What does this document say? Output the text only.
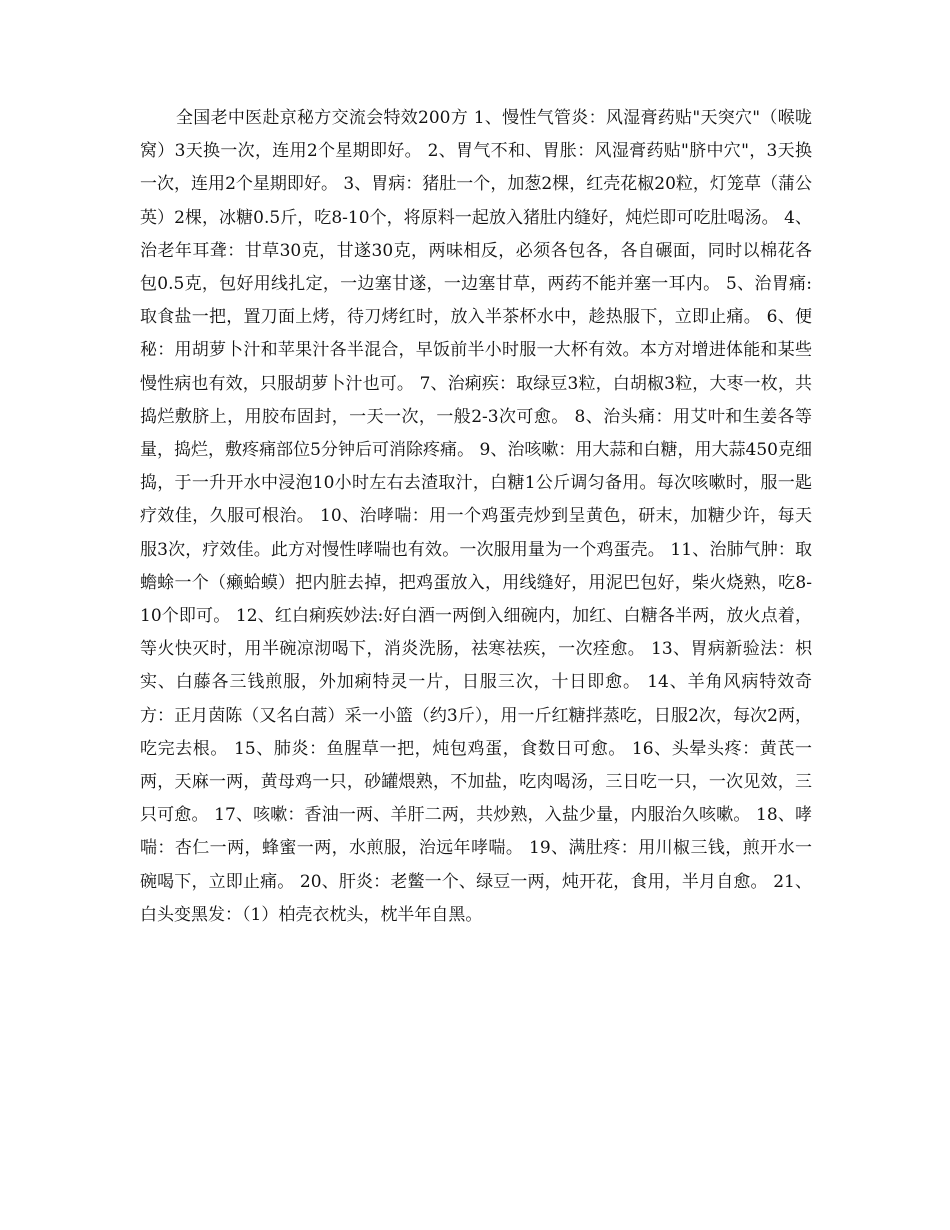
全国老中医赴京秘方交流会特效200方 1、慢性气管炎：风湿膏药贴"天突穴"（喉咙窝）3天换一次，连用2个星期即好。 2、胃气不和、胃胀：风湿膏药贴"脐中穴"，3天换一次，连用2个星期即好。 3、胃病：猪肚一个，加葱2棵，红壳花椒20粒，灯笼草（蒲公英）2棵，冰糖0.5斤，吃8-10个，将原料一起放入猪肚内缝好，炖烂即可吃肚喝汤。 4、治老年耳聋：甘草30克，甘遂30克，两味相反，必须各包各，各自碾面，同时以棉花各包0.5克，包好用线扎定，一边塞甘遂，一边塞甘草，两药不能并塞一耳内。 5、治胃痛:取食盐一把，置刀面上烤，待刀烤红时，放入半茶杯水中，趁热服下，立即止痛。 6、便秘：用胡萝卜汁和苹果汁各半混合，早饭前半小时服一大杯有效。本方对增进体能和某些慢性病也有效，只服胡萝卜汁也可。 7、治痢疾：取绿豆3粒，白胡椒3粒，大枣一枚，共捣烂敷脐上，用胶布固封，一天一次，一般2-3次可愈。 8、治头痛：用艾叶和生姜各等量，捣烂，敷疼痛部位5分钟后可消除疼痛。 9、治咳嗽：用大蒜和白糖，用大蒜450克细捣，于一升开水中浸泡10小时左右去渣取汁，白糖1公斤调匀备用。每次咳嗽时，服一匙疗效佳，久服可根治。 10、治哮喘：用一个鸡蛋壳炒到呈黄色，研末，加糖少许，每天服3次，疗效佳。此方对慢性哮喘也有效。一次服用量为一个鸡蛋壳。 11、治肺气肿：取蟾蜍一个（癞蛤蟆）把内脏去掉，把鸡蛋放入，用线缝好，用泥巴包好，柴火烧熟，吃8-10个即可。 12、红白痢疾妙法:好白酒一两倒入细碗内，加红、白糖各半两，放火点着，等火快灭时，用半碗凉沏喝下，消炎洗肠，祛寒祛疾，一次痊愈。 13、胃病新验法：枳实、白藤各三钱煎服，外加痢特灵一片，日服三次，十日即愈。 14、羊角风病特效奇方：正月茵陈（又名白蒿）采一小篮（约3斤），用一斤红糖拌蒸吃，日服2次，每次2两，吃完去根。 15、肺炎：鱼腥草一把，炖包鸡蛋，食数日可愈。 16、头晕头疼：黄芪一两，天麻一两，黄母鸡一只，砂罐煨熟，不加盐，吃肉喝汤，三日吃一只，一次见效，三只可愈。 17、咳嗽：香油一两、羊肝二两，共炒熟，入盐少量，内服治久咳嗽。 18、哮喘：杏仁一两，蜂蜜一两，水煎服，治远年哮喘。 19、满肚疼：用川椒三钱，煎开水一碗喝下，立即止痛。 20、肝炎：老鳖一个、绿豆一两，炖开花，食用，半月自愈。 21、白头变黑发：（1）柏壳衣枕头，枕半年自黑。
